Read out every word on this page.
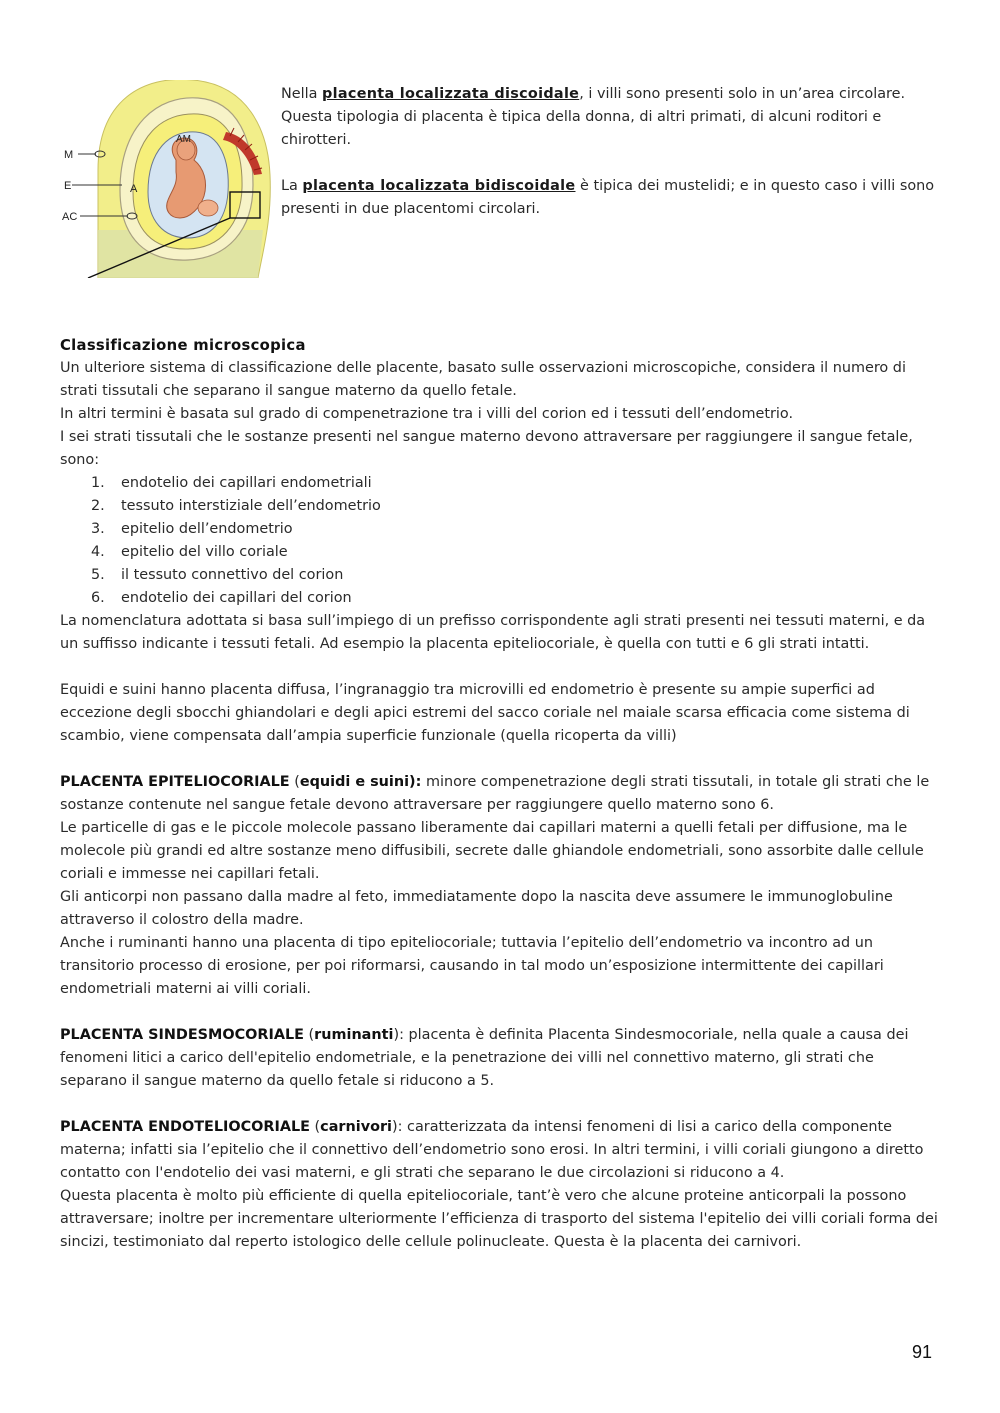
M
E
AC
AM
A

Nella placenta localizzata discoidale, i villi sono presenti solo in un’area circolare. Questa tipologia di placenta è tipica della donna, di altri primati, di alcuni roditori e chirotteri.

La placenta localizzata bidiscoidale è tipica dei mustelidi; e in questo caso i villi sono

presenti in due placentomi circolari.

Classificazione microscopica

Un ulteriore sistema di classificazione delle placente, basato sulle osservazioni microscopiche, considera il numero di strati tissutali che separano il sangue materno da quello fetale.

In altri termini è basata sul grado di compenetrazione tra i villi del corion ed i tessuti dell’endometrio.

I sei strati tissutali che le sostanze presenti nel sangue materno devono attraversare per raggiungere il sangue fetale, sono:

1. endotelio dei capillari endometriali
2. tessuto interstiziale dell’endometrio
3. epitelio dell’endometrio
4. epitelio del villo coriale
5. il tessuto connettivo del corion
6. endotelio dei capillari del corion

La nomenclatura adottata si basa sull’impiego di un prefisso corrispondente agli strati presenti nei tessuti materni, e da un suffisso indicante i tessuti fetali. Ad esempio la placenta epiteliocoriale, è quella con tutti e 6 gli strati intatti.

Equidi e suini hanno placenta diffusa, l’ingranaggio tra microvilli ed endometrio è presente su ampie superfici ad eccezione degli sbocchi ghiandolari e degli apici estremi del sacco coriale nel maiale scarsa efficacia come sistema di scambio, viene compensata dall’ampia superficie funzionale (quella ricoperta da villi)

PLACENTA EPITELIOCORIALE (equidi e suini): minore compenetrazione degli strati tissutali, in totale gli strati che le sostanze contenute nel sangue fetale devono attraversare per raggiungere quello materno sono 6.

Le particelle di gas e le piccole molecole passano liberamente dai capillari materni a quelli fetali per diffusione, ma le molecole più grandi ed altre sostanze meno diffusibili, secrete dalle ghiandole endometriali, sono assorbite dalle cellule coriali e immesse nei capillari fetali.

Gli anticorpi non passano dalla madre al feto, immediatamente dopo la nascita deve assumere le immunoglobuline attraverso il colostro della madre.

Anche i ruminanti hanno una placenta di tipo epiteliocoriale; tuttavia l’epitelio dell’endometrio va incontro ad un transitorio processo di erosione, per poi riformarsi, causando in tal modo un’esposizione intermittente dei capillari endometriali materni ai villi coriali.

PLACENTA SINDESMOCORIALE (ruminanti): placenta è definita Placenta Sindesmocoriale, nella quale a causa dei fenomeni litici a carico dell'epitelio endometriale, e la penetrazione dei villi nel connettivo materno, gli strati che separano il sangue materno da quello fetale si riducono a 5.

PLACENTA ENDOTELIOCORIALE (carnivori): caratterizzata da intensi fenomeni di lisi a carico della componente materna; infatti sia l’epitelio che il connettivo dell’endometrio sono erosi. In altri termini, i villi coriali giungono a diretto contatto con l'endotelio dei vasi materni, e gli strati che separano le due circolazioni si riducono a 4.

Questa placenta è molto più efficiente di quella epiteliocoriale, tant’è vero che alcune proteine anticorpali la possono attraversare; inoltre per incrementare ulteriormente l’efficienza di trasporto del sistema l'epitelio dei villi coriali forma dei sincizi, testimoniato dal reperto istologico delle cellule polinucleate. Questa è la placenta dei carnivori.

91
